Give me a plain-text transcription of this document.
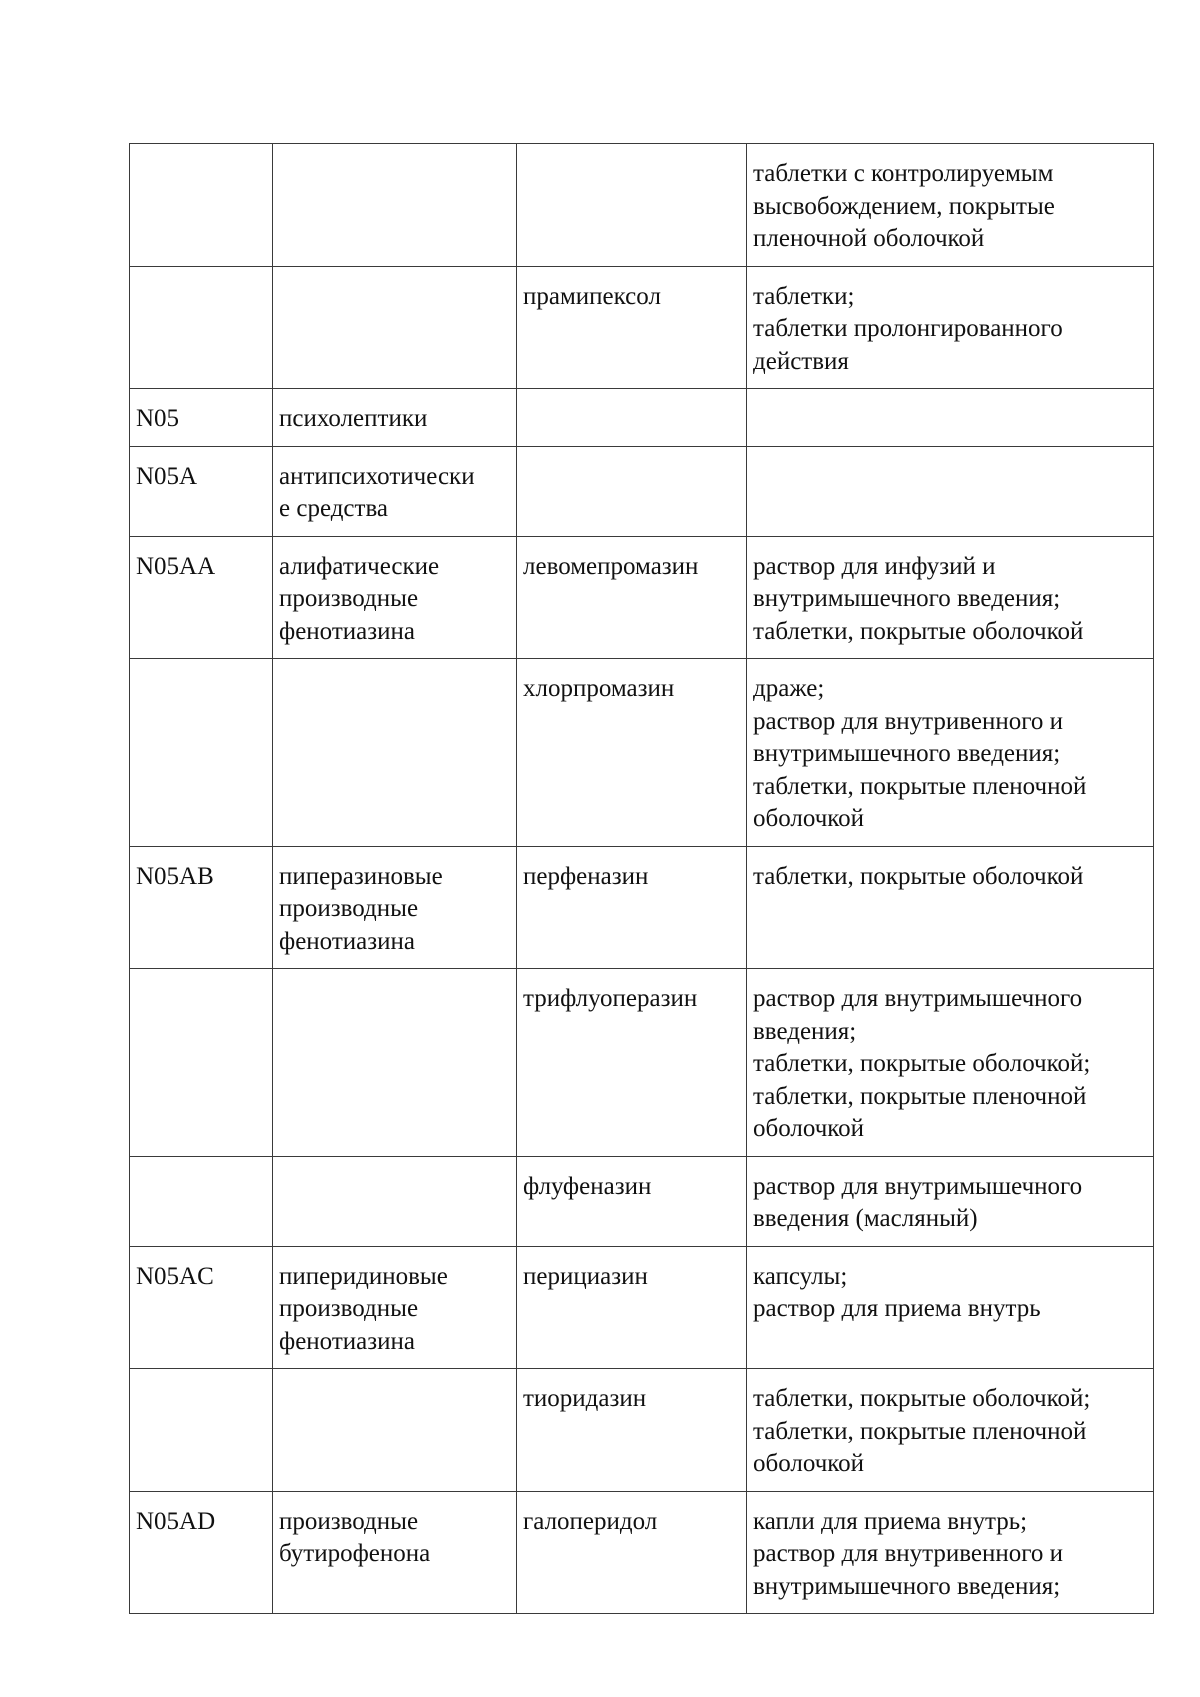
			таблетки с контролируемым
высвобождением, покрытые
пленочной оболочкой

		прамипексол	таблетки;
таблетки пролонгированного
действия

N05	психолептики		

N05A	антипсихотически
е средства		

N05AA	алифатические
производные
фенотиазина	левомепромазин	раствор для инфузий и
внутримышечного введения;
таблетки, покрытые оболочкой

		хлорпромазин	драже;
раствор для внутривенного и
внутримышечного введения;
таблетки, покрытые пленочной
оболочкой

N05AB	пиперазиновые
производные
фенотиазина	перфеназин	таблетки, покрытые оболочкой

		трифлуоперазин	раствор для внутримышечного
введения;
таблетки, покрытые оболочкой;
таблетки, покрытые пленочной
оболочкой

		флуфеназин	раствор для внутримышечного
введения (масляный)

N05AC	пиперидиновые
производные
фенотиазина	перициазин	капсулы;
раствор для приема внутрь

		тиоридазин	таблетки, покрытые оболочкой;
таблетки, покрытые пленочной
оболочкой

N05AD	производные
бутирофенона	галоперидол	капли для приема внутрь;
раствор для внутривенного и
внутримышечного введения;
